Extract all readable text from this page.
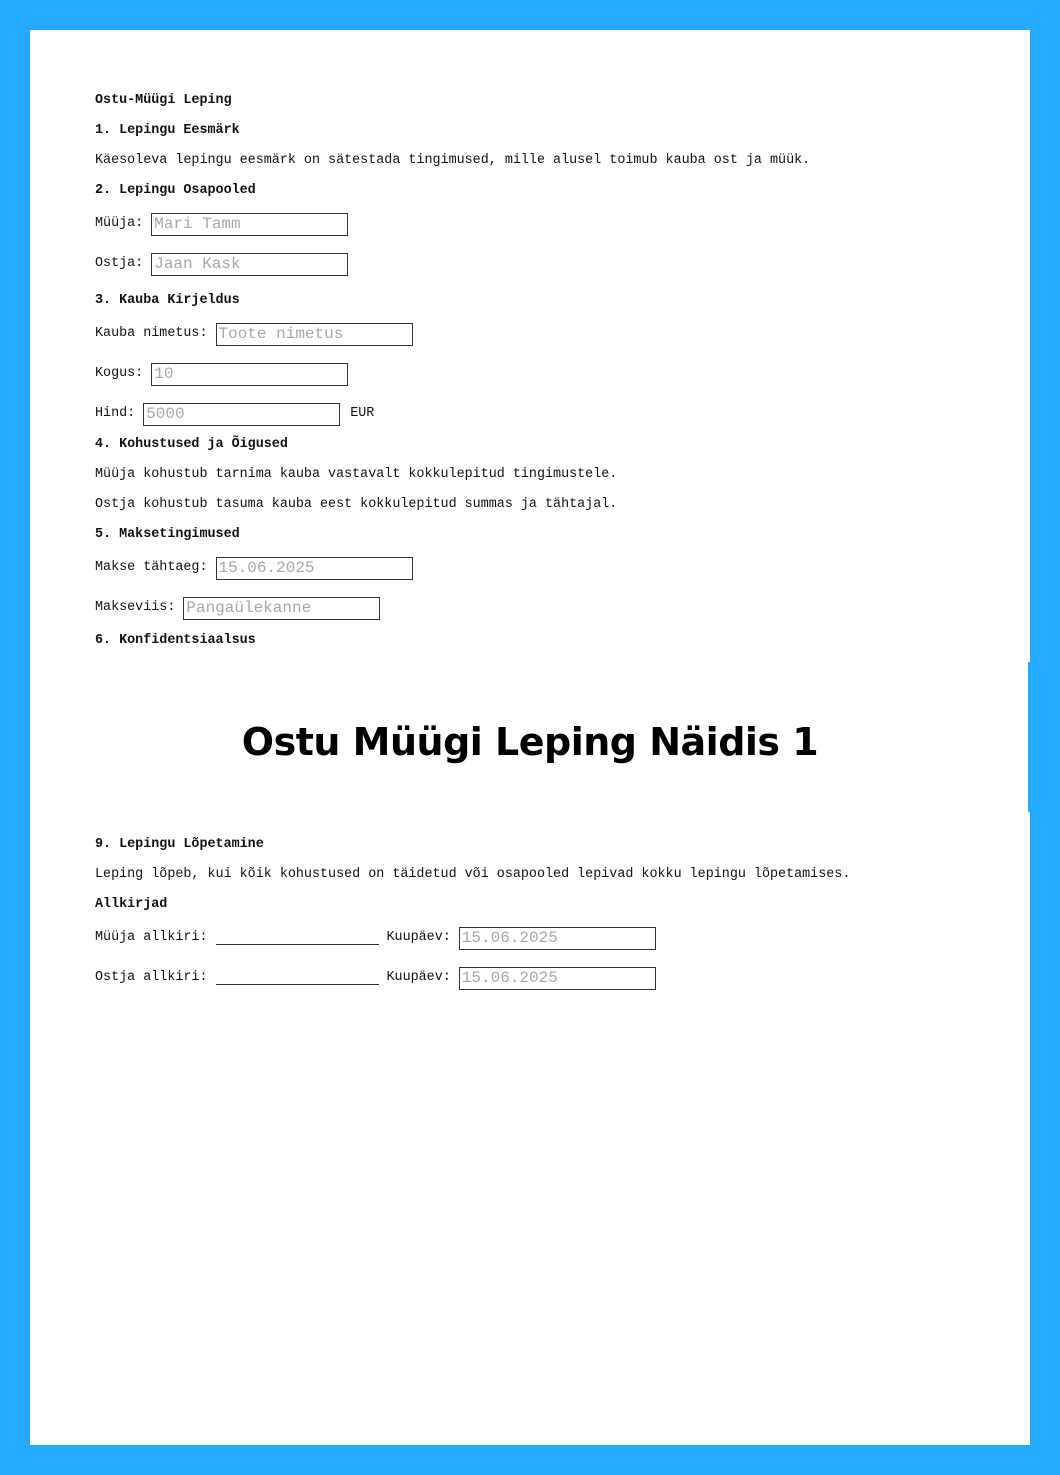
Ostu-Müügi Leping
1. Lepingu Eesmärk

Käesoleva lepingu eesmärk on sätestada tingimused, mille alusel toimub kauba ost ja müük.

2. Lepingu Osapooled
Müüja:
Mari Tamm
Ostja:
Jaan Kask
3. Kauba Kirjeldus
Kauba nimetus:
Toote nimetus
Kogus:
10
Hind:
5000	EUR
4. Kohustused ja Õigused

Müüja kohustub tarnima kauba vastavalt kokkulepitud tingimustele.

Ostja kohustub tasuma kauba eest kokkulepitud summas ja tähtajal.

5. Maksetingimused
Makse tähtaeg:
15.06.2025
Makseviis:
Pangaülekanne
6. Konfidentsiaalsus
9. Lepingu Lõpetamine

Leping lõpeb, kui kõik kohustused on täidetud või osapooled lepivad kokku lepingu lõpetamises.

Allkirjad
Müüja allkiri:	Kuupäev:
15.06.2025
Ostja allkiri:	Kuupäev:
15.06.2025
Ostu Müügi Leping Näidis 1
